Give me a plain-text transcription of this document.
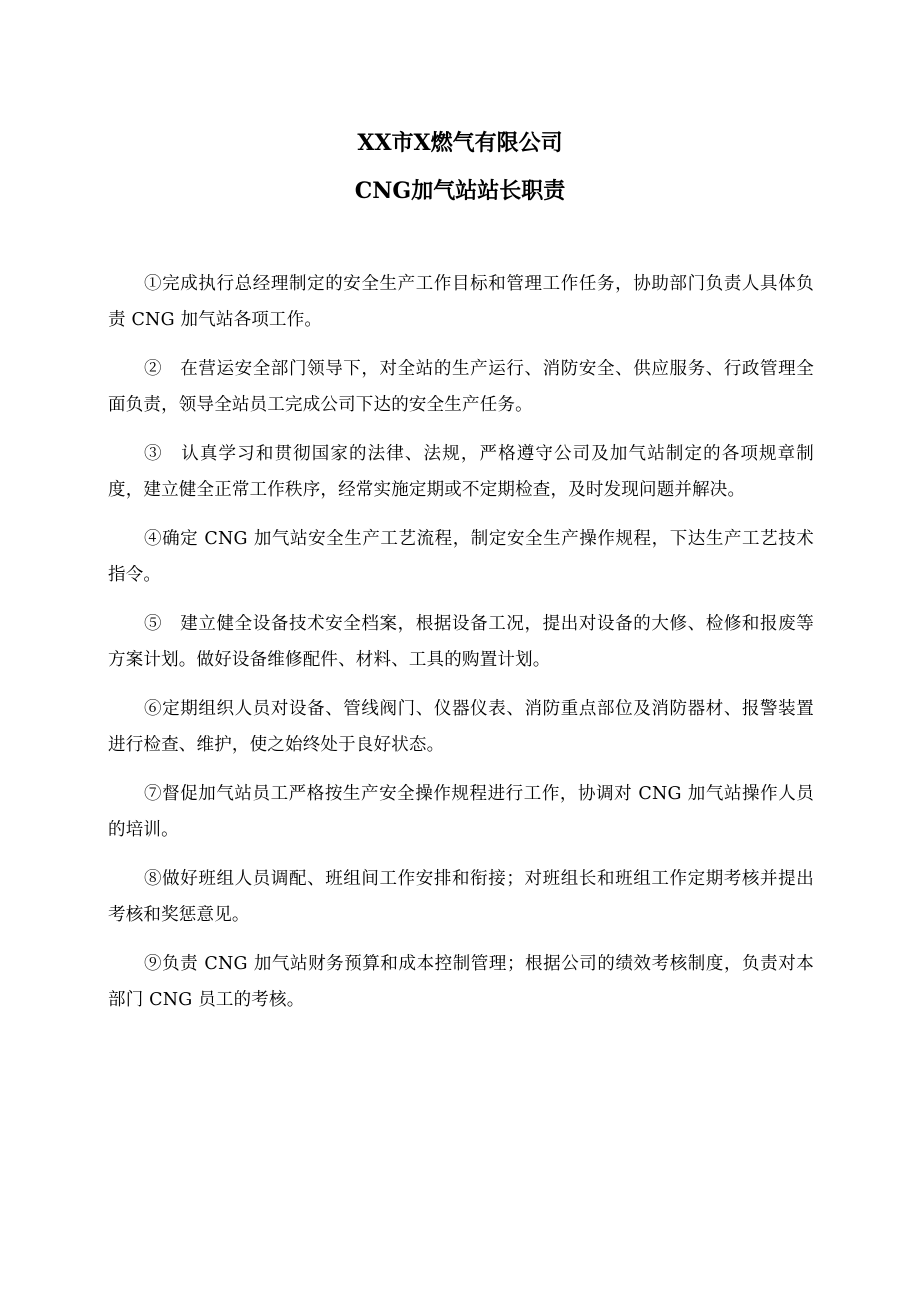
XX市X燃气有限公司
CNG加气站站长职责

①完成执行总经理制定的安全生产工作目标和管理工作任务，协助部门负责人具体负责 CNG 加气站各项工作。

②　在营运安全部门领导下，对全站的生产运行、消防安全、供应服务、行政管理全面负责，领导全站员工完成公司下达的安全生产任务。

③　认真学习和贯彻国家的法律、法规，严格遵守公司及加气站制定的各项规章制度，建立健全正常工作秩序，经常实施定期或不定期检查，及时发现问题并解决。

④确定 CNG 加气站安全生产工艺流程，制定安全生产操作规程，下达生产工艺技术指令。

⑤　建立健全设备技术安全档案，根据设备工况，提出对设备的大修、检修和报废等方案计划。做好设备维修配件、材料、工具的购置计划。

⑥定期组织人员对设备、管线阀门、仪器仪表、消防重点部位及消防器材、报警装置进行检查、维护，使之始终处于良好状态。

⑦督促加气站员工严格按生产安全操作规程进行工作，协调对 CNG 加气站操作人员的培训。

⑧做好班组人员调配、班组间工作安排和衔接；对班组长和班组工作定期考核并提出考核和奖惩意见。

⑨负责 CNG 加气站财务预算和成本控制管理；根据公司的绩效考核制度，负责对本部门 CNG 员工的考核。
